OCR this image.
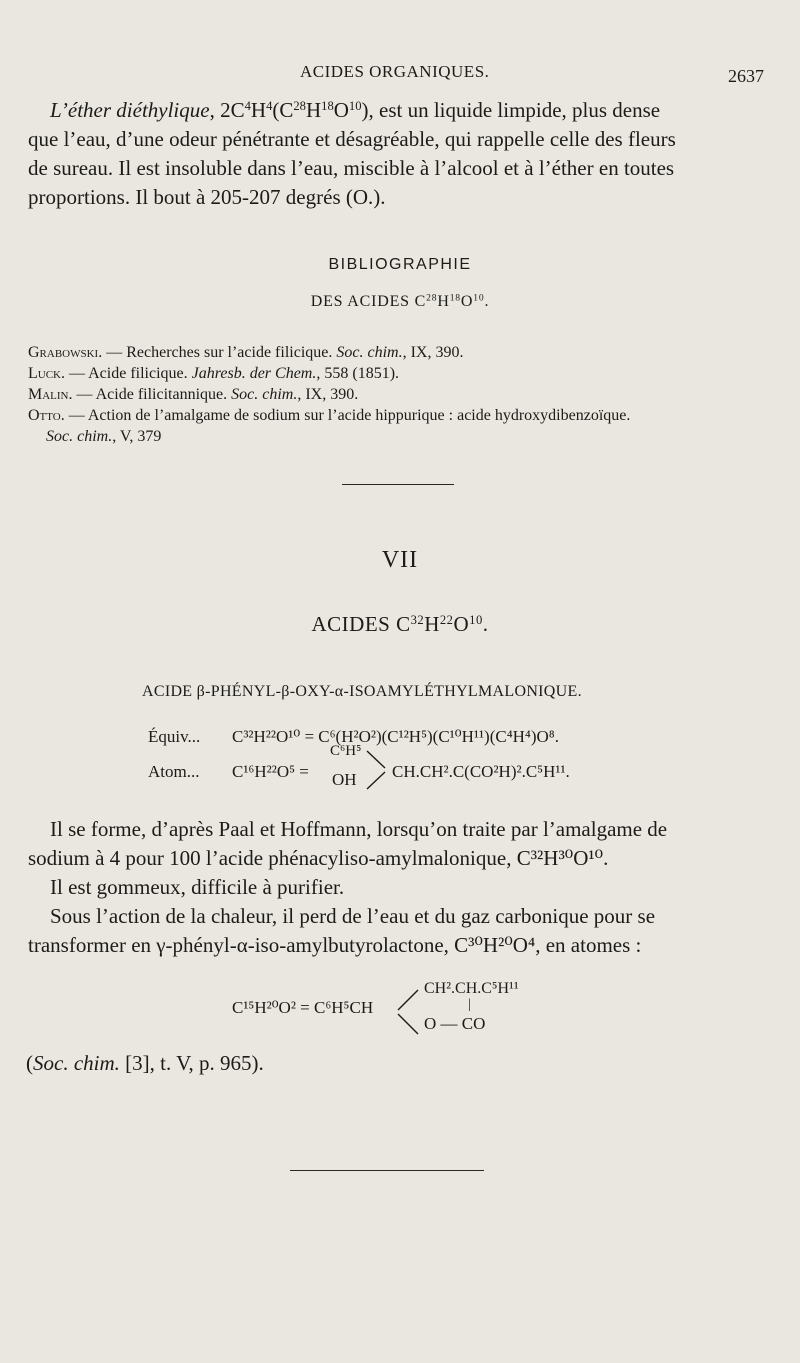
ACIDES ORGANIQUES.	2637

L’éther diéthylique, $2C^4H^4(C^{28}H^{18}O^{10})$, est un liquide limpide, plus dense

que l’eau, d’une odeur pénétrante et désagréable, qui rappelle celle des fleurs

de sureau. Il est insoluble dans l’eau, miscible à l’alcool et à l’éther en toutes

proportions. Il bout à 205-207 degrés (O.).

BIBLIOGRAPHIE
DES ACIDES $C^{28}H^{18}O^{10}$.
Grabowski. — Recherches sur l’acide filicique. Soc. chim., IX, 390.
Luck. — Acide filicique. Jahresb. der Chem., 558 (1851).
Malin. — Acide filicitannique. Soc. chim., IX, 390.
Otto. — Action de l’amalgame de sodium sur l’acide hippurique : acide hydroxydibenzoïque.
Soc. chim., V, 379
VII
ACIDES $C^{32}H^{22}O^{10}$.
ACIDE β-PHÉNYL-β-OXY-α-ISOAMYLÉTHYLMALONIQUE.
Équiv... C³²H²²O¹⁰ = C⁶(H²O²)(C¹²H⁵)(C¹⁰H¹¹)(C⁴H⁴)O⁸.
Atom... C¹⁶H²²O⁵ =
C⁶H⁵
OH CH.CH².C(CO²H)².C⁵H¹¹.

Il se forme, d’après Paal et Hoffmann, lorsqu’on traite par l’amalgame de

sodium à 4 pour 100 l’acide phénacyliso-amylmalonique, C³²H³⁰O¹⁰.

Il est gommeux, difficile à purifier.

Sous l’action de la chaleur, il perd de l’eau et du gaz carbonique pour se

transformer en γ-phényl-α-iso-amylbutyrolactone, C³⁰H²⁰O⁴, en atomes :

C¹⁵H²⁰O² = C⁶H⁵CH
CH².CH.C⁵H¹¹
|
O — CO
(Soc. chim. [3], t. V, p. 965).
